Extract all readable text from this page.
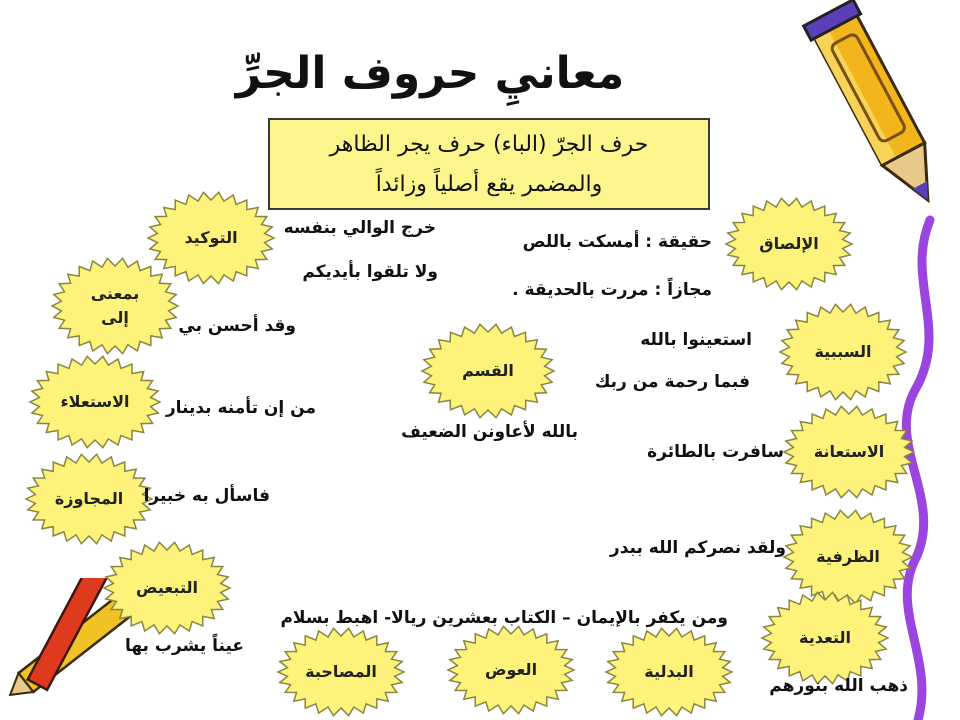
معانيِ حروف الجرِّ
حرف الجرّ (الباء) حرف يجر الظاهر
والمضمر يقع أصلياً وزائداً
الإلصاق
السببية
الاستعانة
الظرفية
التعدية
البدلية
العوض
المصاحبة
التبعيض
المجاوزة
الاستعلاء
بمعنى
إلى
التوكيد
القسم
حقيقة : أمسكت باللص
مجازاً : مررت بالحديقة .
استعينوا بالله
فبما رحمة من ربك
سافرت بالطائرة
ولقد نصركم الله ببدر
ومن يكفر بالإيمان – الكتاب بعشرين ريالا- اهبط بسلام
ذهب الله بنورهم
عيناً يشرب بها
فاسأل به خبيرا
من إن تأمنه بدينار
وقد أحسن بي
خرج الوالي بنفسه
ولا تلقوا بأيديكم
بالله لأعاونن الضعيف
